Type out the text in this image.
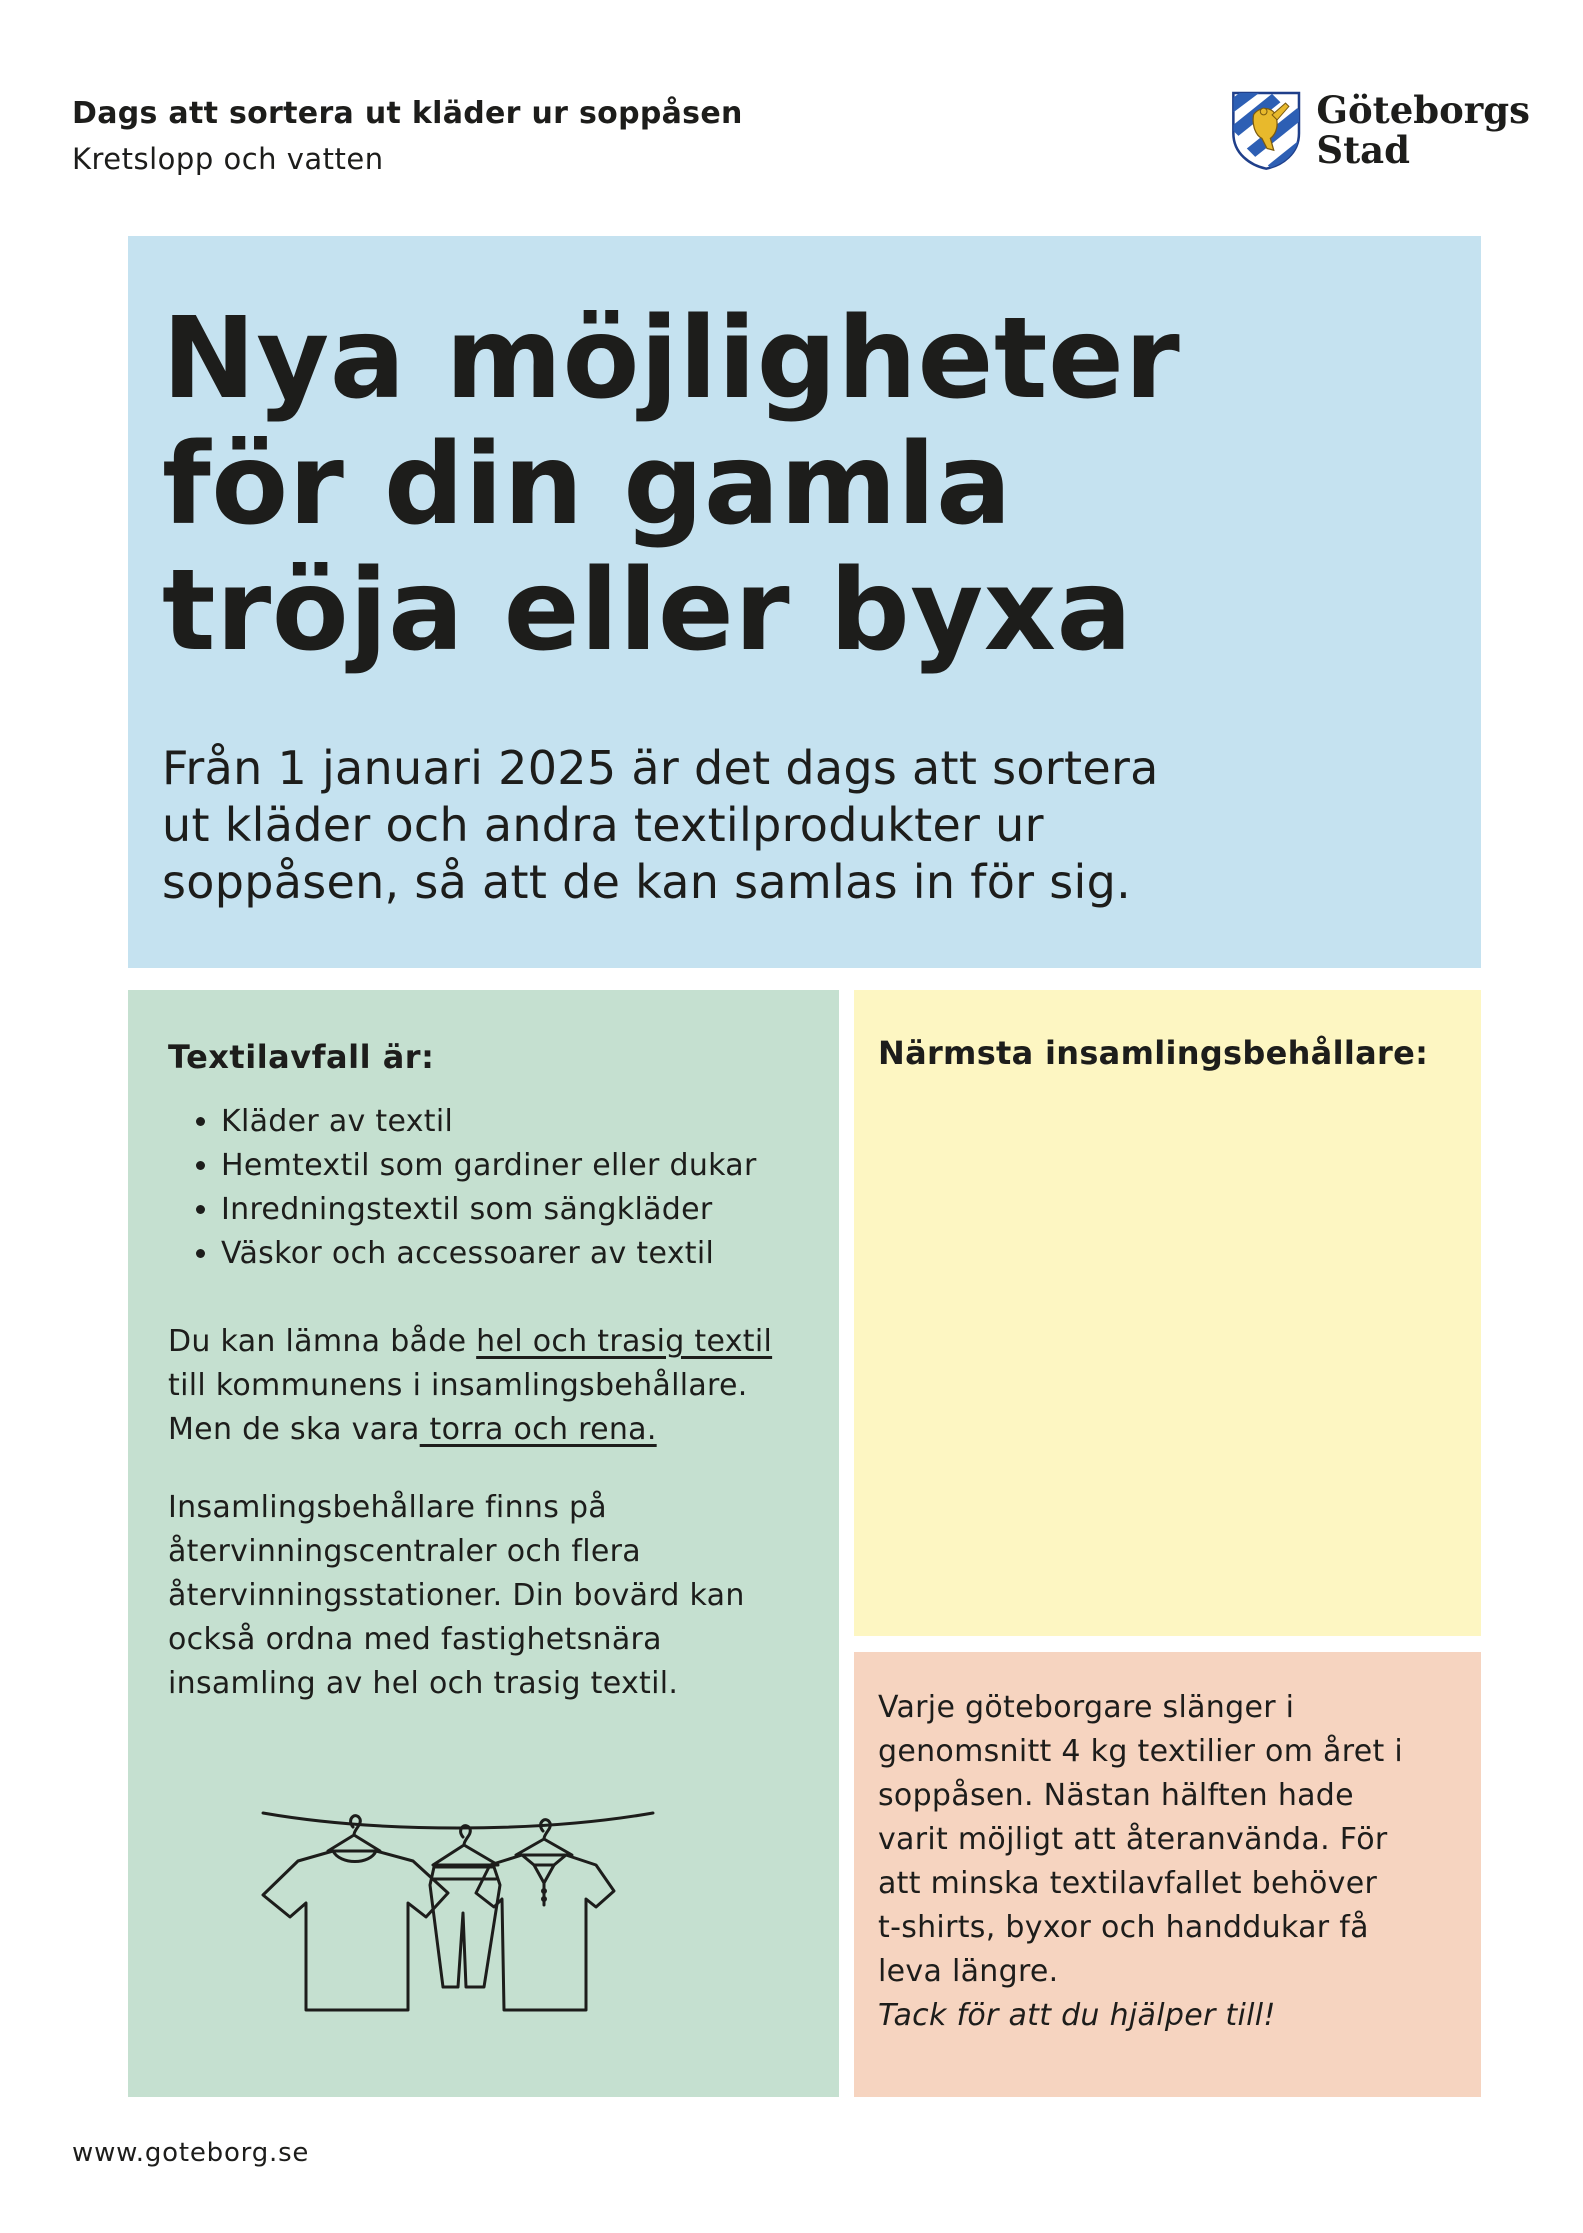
Dags att sortera ut kläder ur soppåsen
Kretslopp och vatten
Göteborgs
Stad
Nya möjligheter
för din gamla
tröja eller byxa
Från 1 januari 2025 är det dags att sortera
ut kläder och andra textilprodukter ur
soppåsen, så att de kan samlas in för sig.
Textilavfall är:
• Kläder av textil
• Hemtextil som gardiner eller dukar
• Inredningstextil som sängkläder
• Väskor och accessoarer av textil
Du kan lämna både hel och trasig textil
till kommunens i insamlingsbehållare.
Men de ska vara torra och rena.
Insamlingsbehållare finns på
återvinningscentraler och flera
återvinningsstationer. Din bovärd kan
också ordna med fastighetsnära
insamling av hel och trasig textil.
Närmsta insamlingsbehållare:
Varje göteborgare slänger i
genomsnitt 4 kg textilier om året i
soppåsen. Nästan hälften hade
varit möjligt att återanvända. För
att minska textilavfallet behöver
t-shirts, byxor och handdukar få
leva längre.
Tack för att du hjälper till!
www.goteborg.se
